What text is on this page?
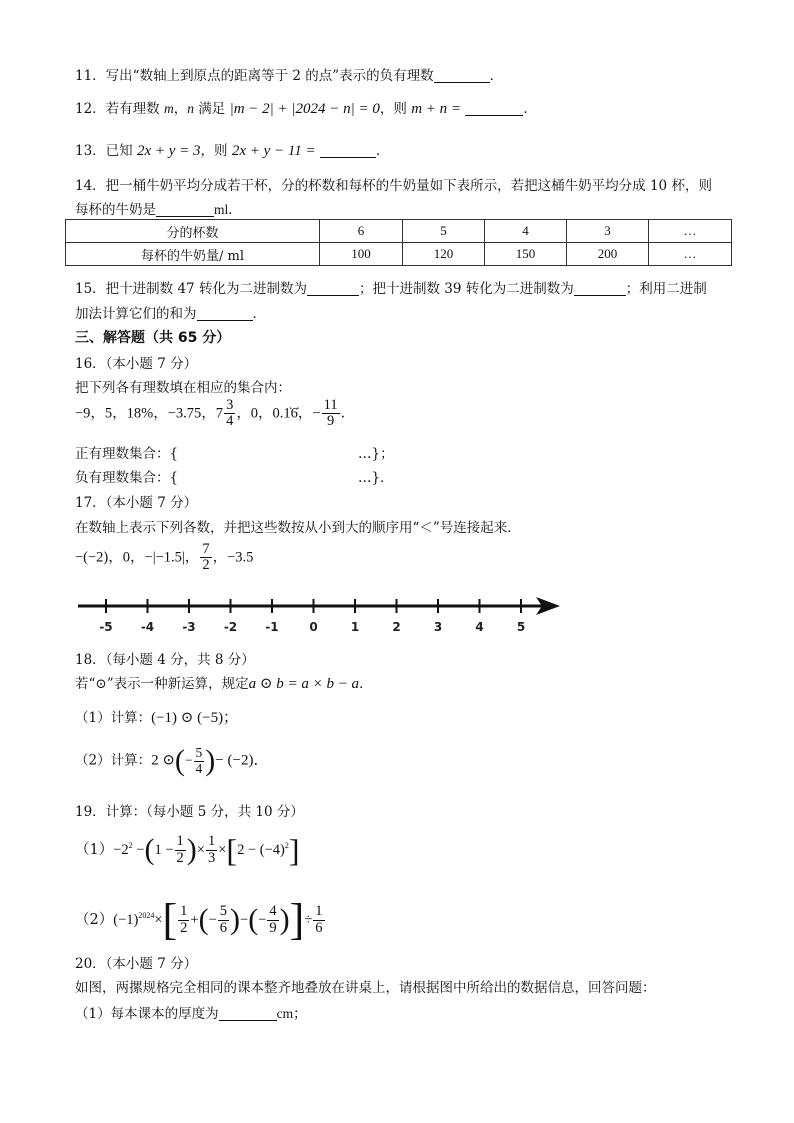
11．写出“数轴上到原点的距离等于 2 的点”表示的负有理数	．
12．若有理数 m，n 满足 |m − 2| + |2024 − n| = 0，则 m + n =	．
13．已知 2x + y = 3，则 2x + y − 11 =	．
14．把一桶牛奶平均分成若干杯，分的杯数和每杯的牛奶量如下表所示，若把这桶牛奶平均分成 10 杯，则
每杯的牛奶是	ml．
分的杯数	6	5	4	3	…
每杯的牛奶量/ ml	100	120	150	200	…
15．把十进制数 47 转化为二进制数为	；把十进制数 39 转化为二进制数为	；利用二进制
加法计算它们的和为	．
三、解答题（共 65 分）
16．（本小题 7 分）
把下列各有理数填在相应的集合内：
−9，5，18%，−3.75，$7 \frac{3}{4}$ ，0，0.1̇6̇，− $\frac{11}{9}$ ．
正有理数集合：{	…}；
负有理数集合：{	…}．
17．（本小题 7 分）
在数轴上表示下列各数，并把这些数按从小到大的顺序用“＜”号连接起来．
−(−2)，0，−|−1.5|， $\frac{7}{2}$ ，−3.5
-5 -4 -3 -2 -1	0	1	2	3	4	5
18．（每小题 4 分，共 8 分）
若“⊙”表示一种新运算，规定a ⊙ b = a × b − a．
（1）计算：(−1) ⊙ (−5)；
（2）计算：2 ⊙(− $\frac{5}{4}$ )− (−2)．
19．计算：（每小题 5 分，共 10 分）
$(1)-2^2 -(1 - \frac{1}{2}$ )× $\frac{1}{3} \times[2 - (-4)^2]$
$(2)(-1)^{2024}\times[ \frac{1}{2}$ +(− $\frac{5}{6}$ )−(− $\frac{4}{9}$ )]÷ $\frac{1}{6}$
20．（本小题 7 分）
如图，两摞规格完全相同的课本整齐地叠放在讲桌上，请根据图中所给出的数据信息，回答问题：
（1）每本课本的厚度为	cm；
